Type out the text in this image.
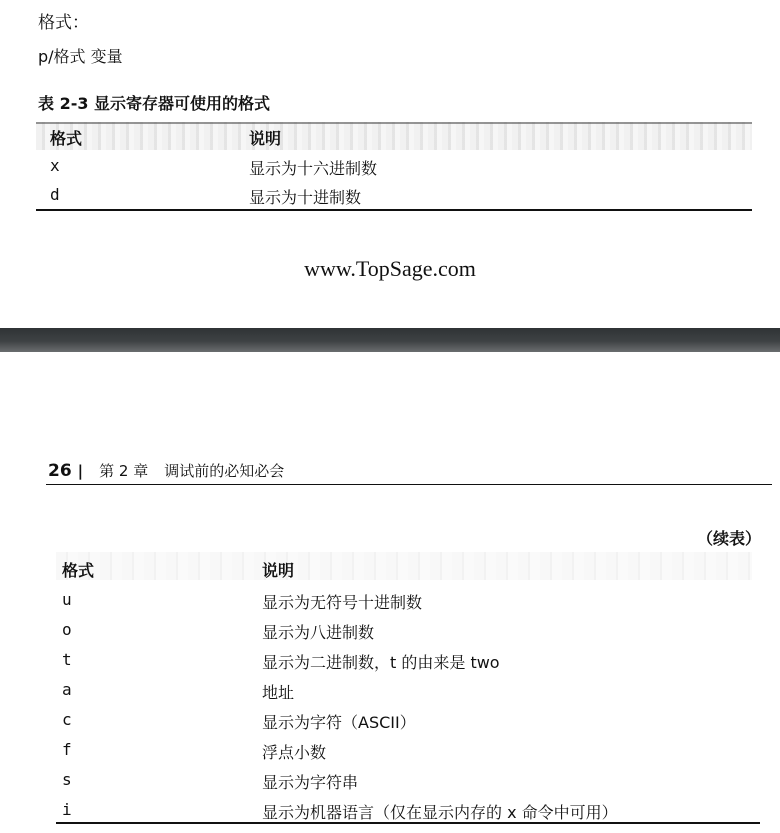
格式：
p/格式 变量
表 2-3 显示寄存器可使用的格式
格式	说明
x	显示为十六进制数
d	显示为十进制数
www.TopSage.com
26 | 第 2 章 调试前的必知必会
（续表）
格式	说明
u	显示为无符号十进制数
o	显示为八进制数
t	显示为二进制数，t 的由来是 two
a	地址
c	显示为字符（ASCII）
f	浮点小数
s	显示为字符串
i	显示为机器语言（仅在显示内存的 x 命令中可用）
